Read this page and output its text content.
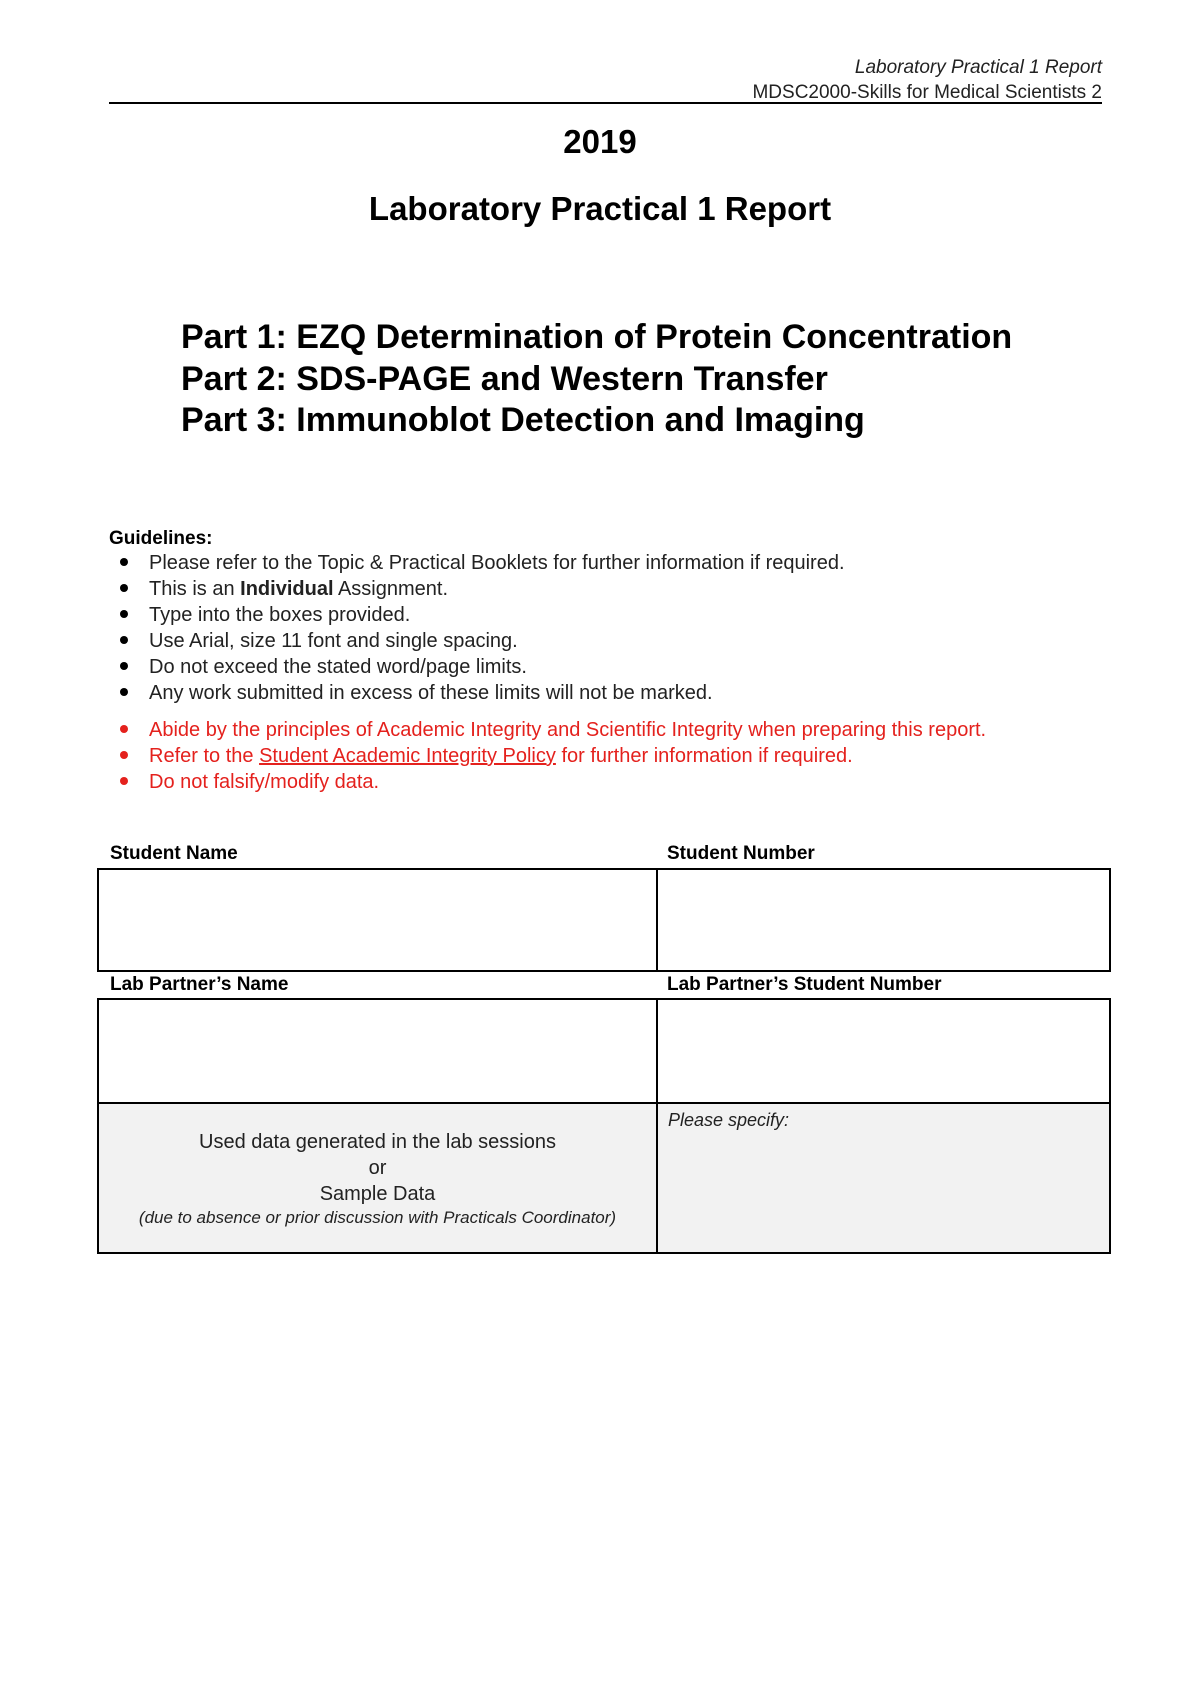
Laboratory Practical 1 Report
MDSC2000-Skills for Medical Scientists 2
2019
Laboratory Practical 1 Report
Part 1: EZQ Determination of Protein Concentration
Part 2: SDS-PAGE and Western Transfer
Part 3: Immunoblot Detection and Imaging
Guidelines:
Please refer to the Topic & Practical Booklets for further information if required.
This is an Individual Assignment.
Type into the boxes provided.
Use Arial, size 11 font and single spacing.
Do not exceed the stated word/page limits.
Any work submitted in excess of these limits will not be marked.
Abide by the principles of Academic Integrity and Scientific Integrity when preparing this report.
Refer to the Student Academic Integrity Policy for further information if required.
Do not falsify/modify data.
Student Name	Student Number
Lab Partner’s Name	Lab Partner’s Student Number
Used data generated in the lab sessions
or
Sample Data
(due to absence or prior discussion with Practicals Coordinator)
Please specify:
